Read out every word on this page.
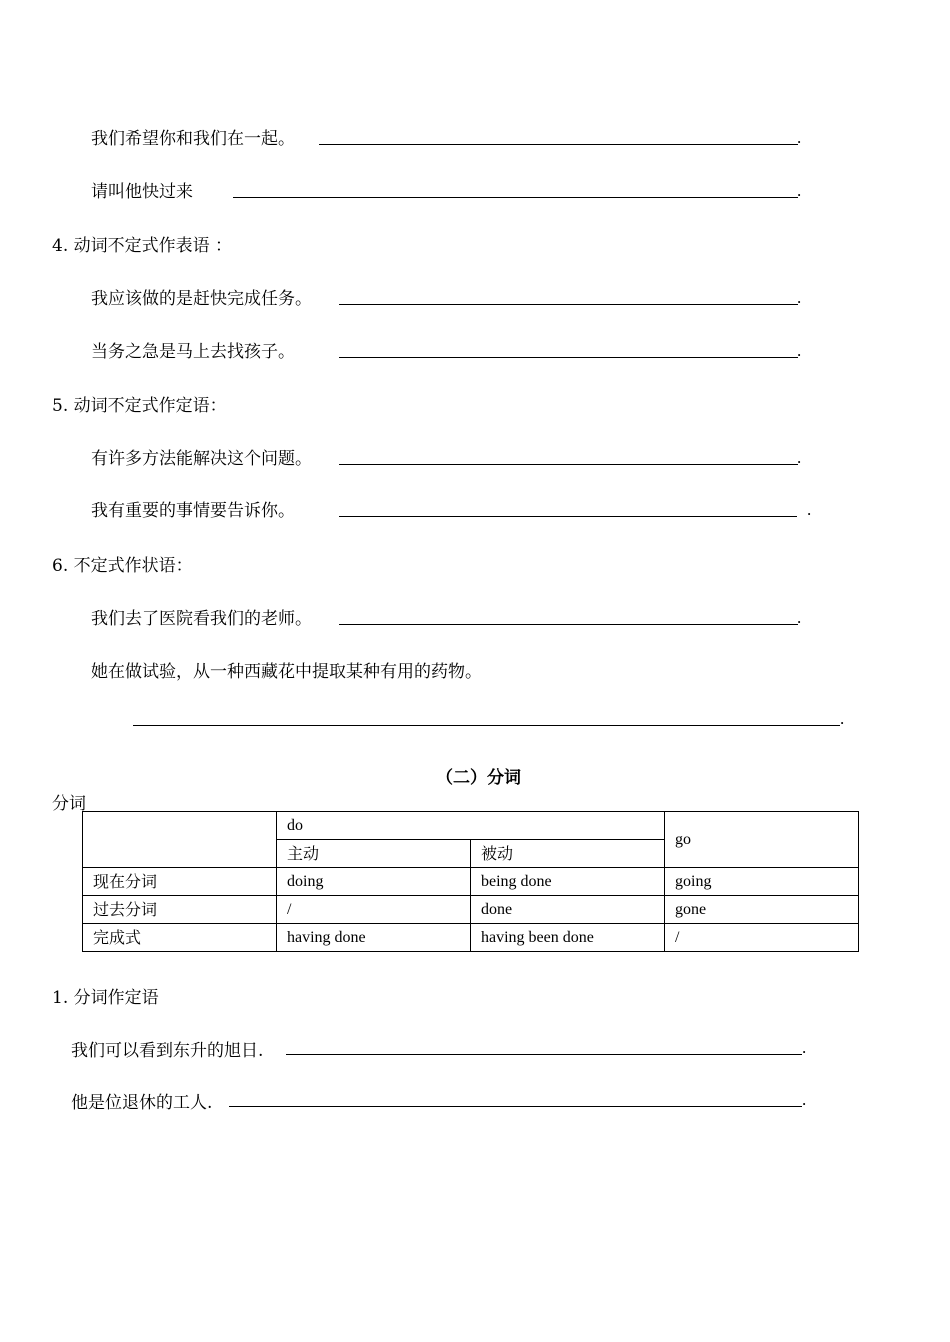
我们希望你和我们在一起。	.
请叫他快过来	.
4. 动词不定式作表语 ：
我应该做的是赶快完成任务。	.
当务之急是马上去找孩子。	.
5. 动词不定式作定语：
有许多方法能解决这个问题。	.
我有重要的事情要告诉你。	.
6. 不定式作状语：
我们去了医院看我们的老师。	.
她在做试验，从一种西藏花中提取某种有用的药物。
.
（二）分词
分词
	do		go
	主动	被动	
现在分词	doing	being done	going
过去分词	/	done	gone
完成式	having done	having been done	/
1. 分词作定语
我们可以看到东升的旭日.	.
他是位退休的工人.	.
